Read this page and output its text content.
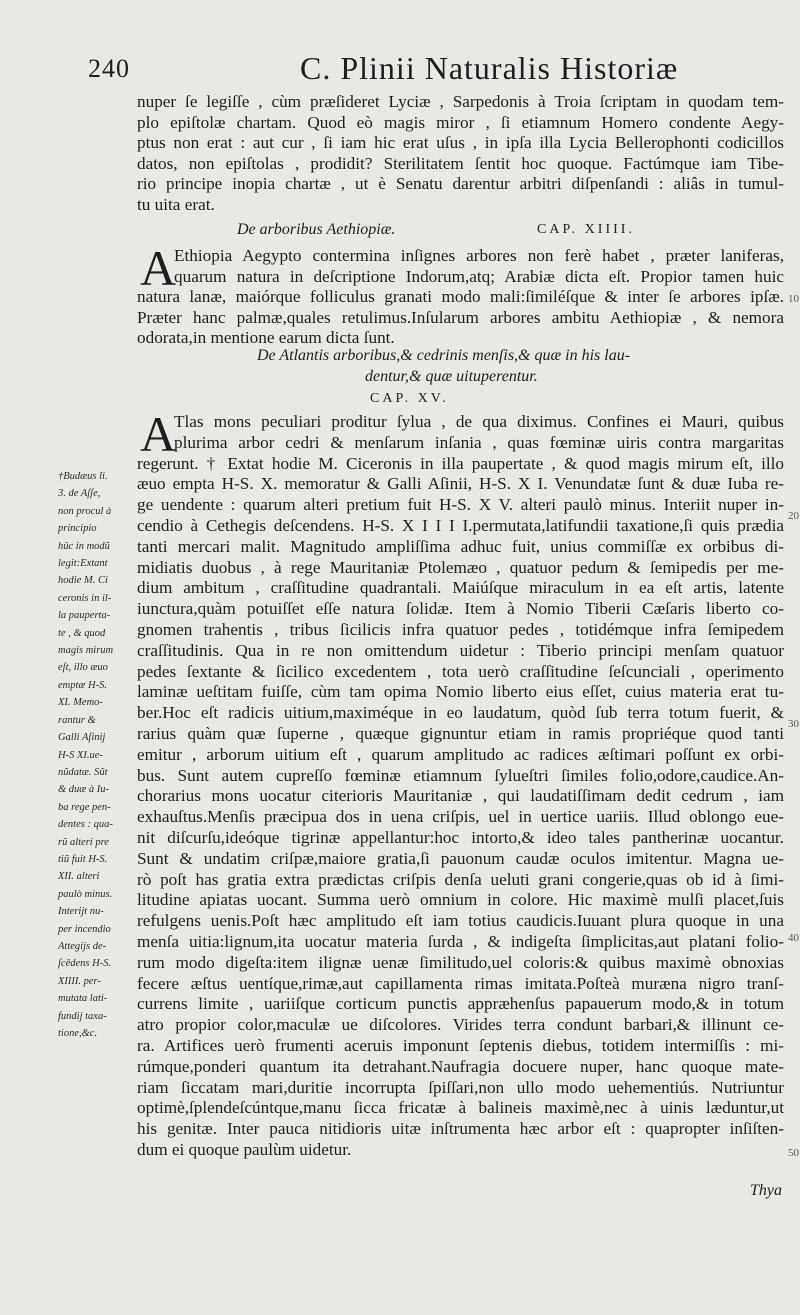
240	C. Plinii Naturalis Historiæ
nuper ſe legiſſe , cùm præſideret Lyciæ , Sarpedonis à Troia ſcriptam in quodam tem-
plo epiſtolæ chartam. Quod eò magis miror , ſi etiamnum Homero condente Aegy-
ptus non erat : aut cur , ſi iam hic erat uſus , in ipſa illa Lycia Bellerophonti codicillos
datos, non epiſtolas , prodidit? Sterilitatem ſentit hoc quoque. Factúmque iam Tibe-
rio principe inopia chartæ , ut è Senatu darentur arbitri diſpenſandi : aliâs in tumul-
tu uita erat.
De arboribus Aethiopiæ.	CAP. XIIII.
A
Ethiopia Aegypto contermina inſignes arbores non ferè habet , præter laniferas,
quarum natura in deſcriptione Indorum,atq; Arabiæ dicta eſt. Propior tamen huic
natura lanæ, maiórque folliculus granati modo mali:ſimiléſque & inter ſe arbores ipſæ.
Præter hanc palmæ,quales retulimus.Inſularum arbores ambitu Aethiopiæ , & nemora
odorata,in mentione earum dicta ſunt.
De Atlantis arboribus,& cedrinis menſis,& quæ in his lau-
dentur,& quæ uituperentur.
CAP. XV.
A
Tlas mons peculiari proditur ſylua , de qua diximus. Confines ei Mauri, quibus
plurima arbor cedri & menſarum inſania , quas fœminæ uiris contra margaritas
regerunt. † Extat hodie M. Ciceronis in illa paupertate , & quod magis mirum eſt, illo
æuo empta H-S. X. memoratur & Galli Aſinii, H-S. X I. Venundatæ ſunt & duæ Iuba re-
ge uendente : quarum alteri pretium fuit H-S. X V. alteri paulò minus. Interiit nuper in-
cendio à Cethegis deſcendens. H-S. X I I I I.permutata,latifundii taxatione,ſi quis prædia
tanti mercari malit. Magnitudo ampliſſima adhuc fuit, unius commiſſæ ex orbibus di-
midiatis duobus , à rege Mauritaniæ Ptolemæo , quatuor pedum & ſemipedis per me-
dium ambitum , craſſitudine quadrantali. Maiúſque miraculum in ea eſt artis, latente
iunctura,quàm potuiſſet eſſe natura ſolidæ. Item à Nomio Tiberii Cæſaris liberto co-
gnomen trahentis , tribus ſicilicis infra quatuor pedes , totidémque infra ſemipedem
craſſitudinis. Qua in re non omittendum uidetur : Tiberio principi menſam quatuor
pedes ſextante & ſicilico excedentem , tota uerò craſſitudine ſeſcunciali , operimento
laminæ ueſtitam fuiſſe, cùm tam opima Nomio liberto eius eſſet, cuius materia erat tu-
ber.Hoc eſt radicis uitium,maximéque in eo laudatum, quòd ſub terra totum fuerit, &
rarius quàm quæ ſuperne , quæque gignuntur etiam in ramis propriéque quod tanti
emitur , arborum uitium eſt , quarum amplitudo ac radices æſtimari poſſunt ex orbi-
bus. Sunt autem cupreſſo fœminæ etiamnum ſylueſtri ſimiles folio,odore,caudice.An-
chorarius mons uocatur citerioris Mauritaniæ , qui laudatiſſimam dedit cedrum , iam
exhauſtus.Menſis præcipua dos in uena criſpis, uel in uertice uariis. Illud oblongo eue-
nit diſcurſu,ideóque tigrinæ appellantur:hoc intorto,& ideo tales pantherinæ uocantur.
Sunt & undatim criſpæ,maiore gratia,ſi pauonum caudæ oculos imitentur. Magna ue-
rò poſt has gratia extra prædictas criſpis denſa ueluti grani congerie,quas ob id à ſimi-
litudine apiatas uocant. Summa uerò omnium in colore. Hic maximè mulſi placet,ſuis
refulgens uenis.Poſt hæc amplitudo eſt iam totius caudicis.Iuuant plura quoque in una
menſa uitia:lignum,ita uocatur materia ſurda , & indigeſta ſimplicitas,aut platani folio-
rum modo digeſta:item ilignæ uenæ ſimilitudo,uel coloris:& quibus maximè obnoxias
fecere æſtus uentíque,rimæ,aut capillamenta rimas imitata.Poſteà muræna nigro tranſ-
currens limite , uariiſque corticum punctis appræhenſus papauerum modo,& in totum
atro propior color,maculæ ue diſcolores. Virides terra condunt barbari,& illinunt ce-
ra. Artifices uerò frumenti aceruis imponunt ſeptenis diebus, totidem intermiſſis : mi-
rúmque,ponderi quantum ita detrahant.Naufragia docuere nuper, hanc quoque mate-
riam ſiccatam mari,duritie incorrupta ſpiſſari,non ullo modo uehementiús. Nutriuntur
optimè,ſplendeſcúntque,manu ſicca fricatæ à balineis maximè,nec à uinis læduntur,ut
his genitæ. Inter pauca nitidioris uitæ inſtrumenta hæc arbor eſt : quapropter inſiſten-
dum ei quoque paulùm uidetur.
†Budæus li.
3. de Aſſe,
non procul à
principio
hûc in modũ
legit:Extant
hodie M. Ci
ceronis in il-
la pauperta-
te , & quod
magis mirum
eſt, illo æuo
emptæ H-S.
XI. Memo-
rantur &
Galli Aſinij
H-S XI.ue-
nũdatæ. Sũt
& duæ à Iu-
ba rege pen-
dentes : qua-
rũ alteri pre
tiũ fuit H-S.
XII. alteri
paulò minus.
Interijt nu-
per incendio
Attegijs de-
ſcēdens H-S.
XIIII. per-
mutata lati-
fundij taxa-
tione,&c.
10
20
30
40
50
Thya
